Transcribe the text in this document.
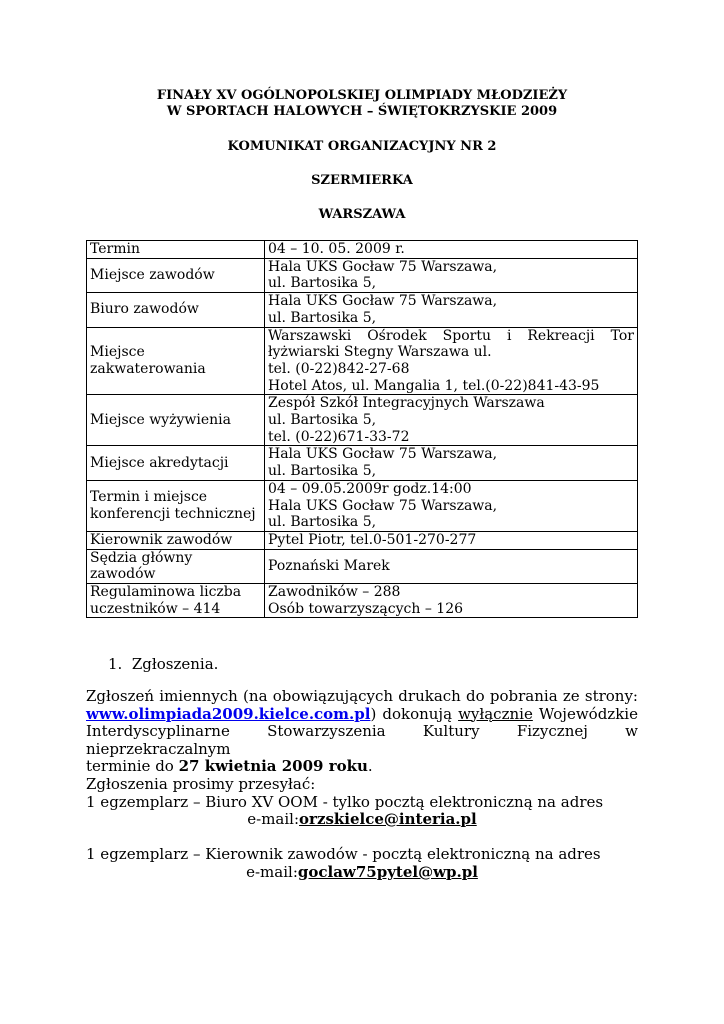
FINAŁY XV OGÓLNOPOLSKIEJ OLIMPIADY MŁODZIEŻY
W SPORTACH HALOWYCH – ŚWIĘTOKRZYSKIE 2009
KOMUNIKAT ORGANIZACYJNY NR 2
SZERMIERKA
WARSZAWA
Termin	04 – 10. 05. 2009 r.

Miejsce zawodów	Hala UKS Gocław 75 Warszawa,
ul. Bartosika 5,

Biuro zawodów	Hala UKS Gocław 75 Warszawa,
ul. Bartosika 5,

Miejsce
zakwaterowania	Warszawski Ośrodek Sportu i Rekreacji Tor
łyżwiarski Stegny Warszawa ul.
tel. (0-22)842-27-68
Hotel Atos, ul. Mangalia 1, tel.(0-22)841-43-95

Miejsce wyżywienia	Zespół Szkół Integracyjnych Warszawa
ul. Bartosika 5,
tel. (0-22)671-33-72

Miejsce akredytacji	Hala UKS Gocław 75 Warszawa,
ul. Bartosika 5,

Termin i miejsce
konferencji technicznej	04 – 09.05.2009r godz.14:00
Hala UKS Gocław 75 Warszawa,
ul. Bartosika 5,

Kierownik zawodów	Pytel Piotr, tel.0-501-270-277

Sędzia główny
zawodów	Poznański Marek

Regulaminowa liczba
uczestników – 414	Zawodników – 288
Osób towarzyszących – 126
1. Zgłoszenia.
Zgłoszeń imiennych (na obowiązujących drukach do pobrania ze strony:
www.olimpiada2009.kielce.com.pl) dokonują wyłącznie Wojewódzkie
Interdyscyplinarne Stowarzyszenia Kultury Fizycznej w nieprzekraczalnym
terminie do 27 kwietnia 2009 roku.
Zgłoszenia prosimy przesyłać:
1 egzemplarz – Biuro XV OOM - tylko pocztą elektroniczną na adres
e-mail:orzskielce@interia.pl
1 egzemplarz – Kierownik zawodów - pocztą elektroniczną na adres
e-mail:goclaw75pytel@wp.pl
